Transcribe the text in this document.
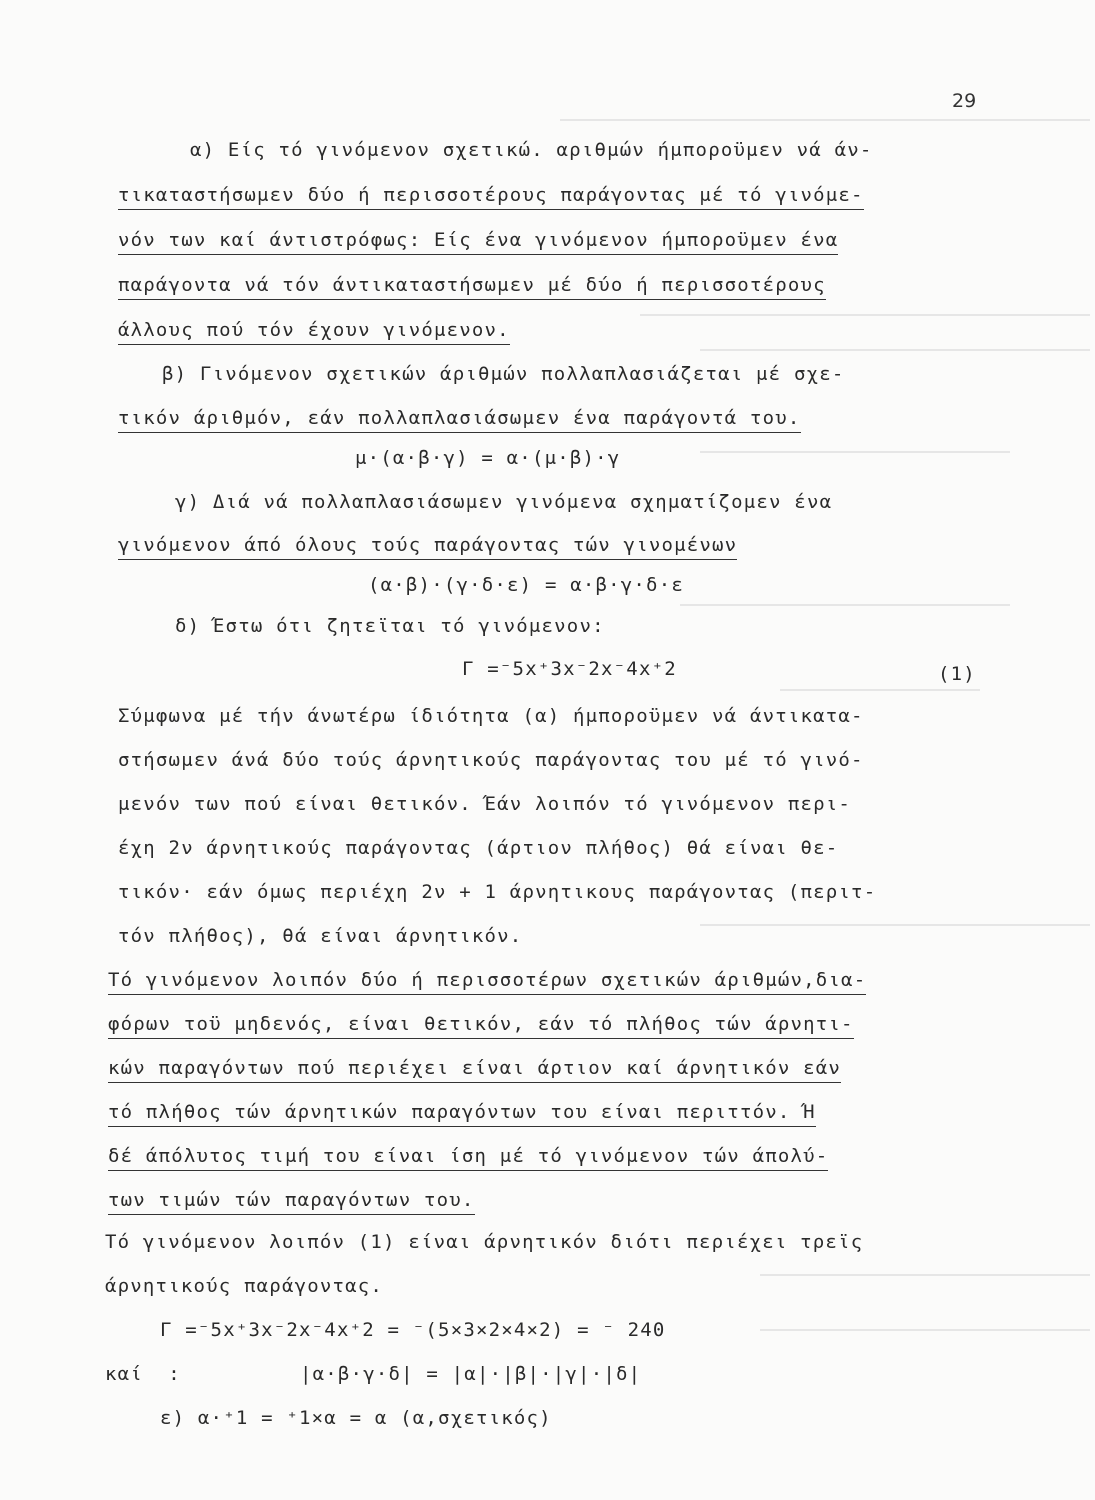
29
α) Είς τό γινόμενον σχετικώ. αριθμών ήμποροϋμεν νά άν-
τικαταστήσωμεν δύο ή περισσοτέρους παράγοντας μέ τό γινόμε-
νόν των καί άντιστρόφως: Είς ένα γινόμενον ήμποροϋμεν ένα
παράγοντα νά τόν άντικαταστήσωμεν μέ δύο ή περισσοτέρους
άλλους πού τόν έχουν γινόμενον.
β) Γινόμενον σχετικών άριθμών πολλαπλασιάζεται μέ σχε-
τικόν άριθμόν, εάν πολλαπλασιάσωμεν ένα παράγοντά του.
μ·(α·β·γ) = α·(μ·β)·γ
γ) Διά νά πολλαπλασιάσωμεν γινόμενα σχηματίζομεν ένα
γινόμενον άπό όλους τούς παράγοντας τών γινομένων
(α·β)·(γ·δ·ε) = α·β·γ·δ·ε
δ) Έστω ότι ζητεϊται τό γινόμενον:
Γ =⁻5x⁺3x⁻2x⁻4x⁺2	(1)
Σύμφωνα μέ τήν άνωτέρω ίδιότητα (α) ήμποροϋμεν νά άντικατα-
στήσωμεν άνά δύο τούς άρνητικούς παράγοντας του μέ τό γινό-
μενόν των πού είναι θετικόν. Έάν λοιπόν τό γινόμενον περι-
έχη 2ν άρνητικούς παράγοντας (άρτιον πλήθος) θά είναι θε-
τικόν· εάν όμως περιέχη 2ν + 1 άρνητικους παράγοντας (περιτ-
τόν πλήθος), θά είναι άρνητικόν.
Τό γινόμενον λοιπόν δύο ή περισσοτέρων σχετικών άριθμών,δια-
φόρων τοϋ μηδενός, είναι θετικόν, εάν τό πλήθος τών άρνητι-
κών παραγόντων πού περιέχει είναι άρτιον καί άρνητικόν εάν
τό πλήθος τών άρνητικών παραγόντων του είναι περιττόν. Ή
δέ άπόλυτος τιμή του είναι ίση μέ τό γινόμενον τών άπολύ-
των τιμών τών παραγόντων του.
Τό γινόμενον λοιπόν (1) είναι άρνητικόν διότι περιέχει τρεϊς
άρνητικούς παράγοντας.
Γ =⁻5x⁺3x⁻2x⁻4x⁺2 = ⁻(5×3×2×4×2) = ⁻ 240
καί  :	|α·β·γ·δ| = |α|·|β|·|γ|·|δ|
ε) α·⁺1 = ⁺1×α = α (α,σχετικός)
